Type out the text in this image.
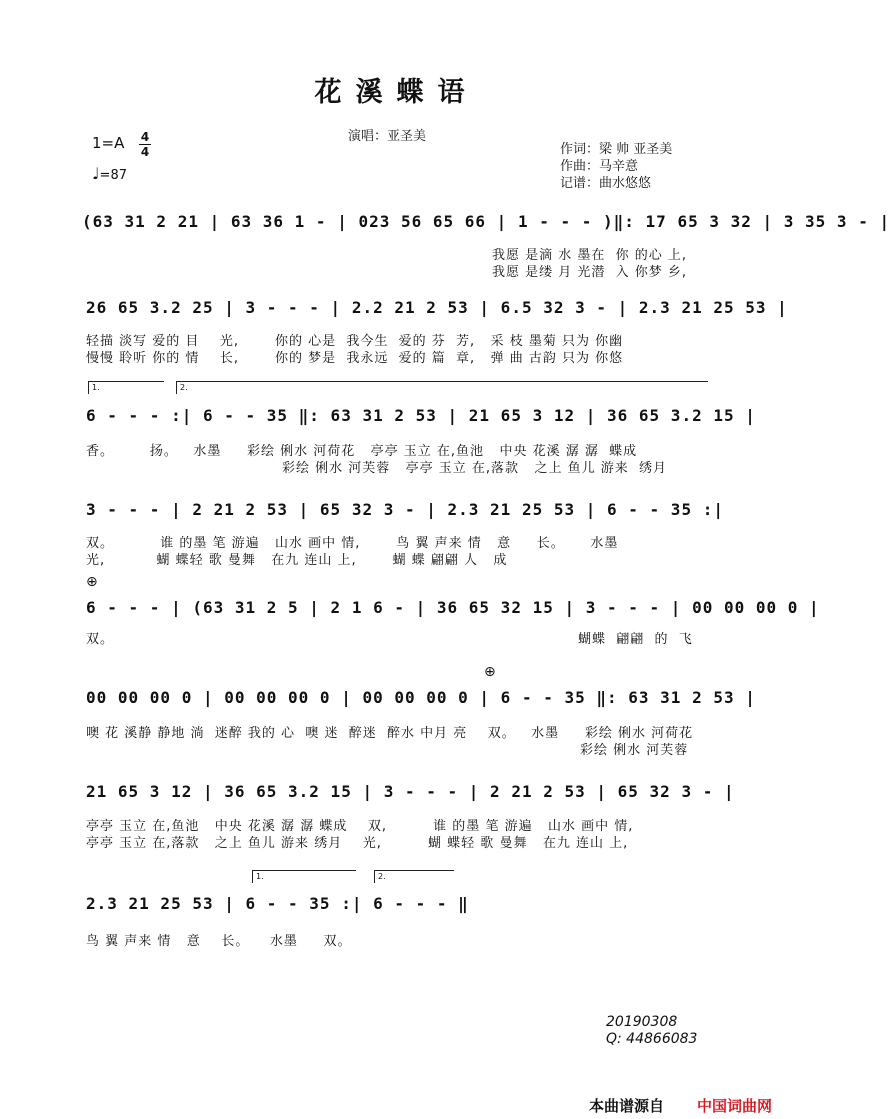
花溪蝶语
演唱：亚圣美
作词：梁 帅 亚圣美
作曲：马辛意
记谱：曲水悠悠
1=A 4
4
♩=87
(63 31 2 21 | 63 36 1 - | 023 56 65 66 | 1 - - - )‖: 17 65 3 32 | 3 35 3 - |
我愿 是滴 水 墨在  你 的心 上,
我愿 是缕 月 光潜  入 你梦 乡,
26 65 3.2 25 | 3 - - - | 2.2 21 2 53 | 6.5 32 3 - | 2.3 21 25 53 |
轻描 淡写 爱的 目    光,       你的 心是  我今生  爱的 芬  芳,   采 枝 墨菊 只为 你幽
慢慢 聆听 你的 情    长,       你的 梦是  我永远  爱的 篇  章,   弹 曲 古韵 只为 你悠
1.	2.
6 - - - :| 6 - - 35 ‖: 63 31 2 53 | 21 65 3 12 | 36 65 3.2 15 |
香。       扬。   水墨     彩绘 俐水 河荷花   亭亭 玉立 在,鱼池   中央 花溪 潺 潺  蝶成
彩绘 俐水 河芙蓉   亭亭 玉立 在,落款   之上 鱼儿 游来  绣月
3 - - - | 2 21 2 53 | 65 32 3 - | 2.3 21 25 53 | 6 - - 35 :|
双。         谁 的墨 笔 游遍   山水 画中 情,       鸟 翼 声来 情   意     长。     水墨
光,          蝴 蝶轻 歌 曼舞   在九 连山 上,       蝴 蝶 翩翩 人   成
⊕
6 - - - | (63 31 2 5 | 2 1 6 - | 36 65 32 15 | 3 - - - | 00 00 00 0 |
双。	蝴蝶  翩翩  的  飞
⊕
00 00 00 0 | 00 00 00 0 | 00 00 00 0 | 6 - - 35 ‖: 63 31 2 53 |
噢 花 溪静 静地 淌  迷醉 我的 心  噢 迷  醉迷  醉水 中月 亮    双。   水墨     彩绘 俐水 河荷花
彩绘 俐水 河芙蓉
21 65 3 12 | 36 65 3.2 15 | 3 - - - | 2 21 2 53 | 65 32 3 - |
亭亭 玉立 在,鱼池   中央 花溪 潺 潺 蝶成    双,         谁 的墨 笔 游遍   山水 画中 情,
亭亭 玉立 在,落款   之上 鱼儿 游来 绣月    光,         蝴 蝶轻 歌 曼舞   在九 连山 上,
1.	2.
2.3 21 25 53 | 6 - - 35 :| 6 - - - ‖
鸟 翼 声来 情   意    长。    水墨     双。
20190308
Q: 44866083
本曲谱源自 中国词曲网
